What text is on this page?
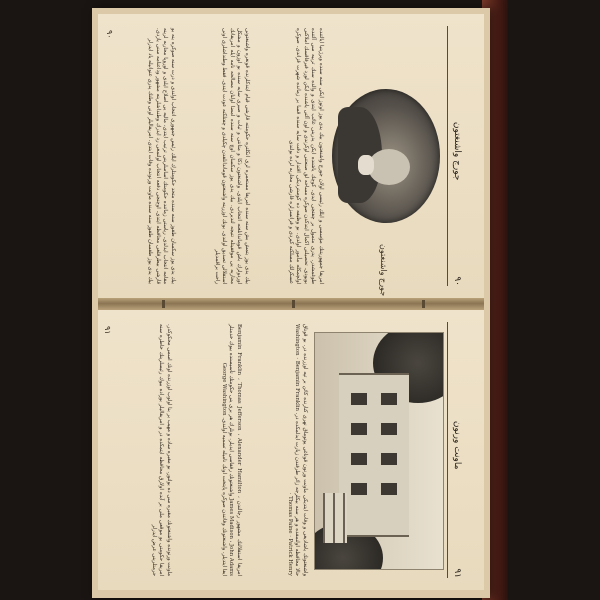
۹۰
جورج واشنغتون
جورج واشنغتون
امریقا جمهوریتنك مؤسسی و ایلك رئیسی اولان جورج واشنغتون بیك یدی یوز اوتوز ایكی سنه سنده ویرژینیا ایالتنده طوغمشدر. پدری متمول بر چفتجی ایدی. كوچك یاشنده ایكن پدرینی غائب ایتدی و والده سنك تربیه سی آلتنده بویودی. تحصیلنی اكمال ایتدكدن صوكره مساحه لق صنعتنی اوكرندی و اون آلتی یاشنده ایكن لورد فیرفاقسك املاكنی اولچمكله مأمور اولدی. بو وظیفه ده كوستردیكی اقتدار و دقت سایه سنده قسا بر زمانده شهرت قزاندی. صوكره عسكرلك مسلكنه كیردی و فرانسزلره قارشی محاربه لرده بولندی
بیك یدی یوز یتمش بش سنه سنده امریقا مستعمره لری انكلتره حكومتنه قارشی قیام ایتدكلرنده قونغره واشنغتونی اوردولرك باش قوماندانلغنه انتخاب ایلدی. واشنغتون ذكا و متانتی و ثبات و صبری سایه سنده بو اوزون و مشكل محاربه یی موفقیتله نتیجه لندیردی. بیك یدی یوز سكسان اوچ سنه سنده امضا اولنان مصالحه نامه ایله امریقانك استقلالی تصدیق اولندی. بونك اوزرینه واشنغتون قوماندانلقدن چكیلدی و چفتلكنه عودت ایتدی. فقط وطنداشلری اونی راحت براقمدیلر
بیك یدی یوز سكسان طقوز سنه سنده متحد حكومتلرك ایلك رئیس جمهوری انتخاب اولندی و درت سنه صوكره ینه بو مقامه انتخاب ایدلدی. ریاستی زماننده حكومتك اساسلرینی ترتیب ایتدی، مالیه یی اصلاح ایلدی و اوروپا محاربه لرینه قارشی بیطرفلغی محافظه ایتدی. اوچنجی دفعه انتخاب اولنمغی رد ایدرك وطنداشلرینه مشهور وداعنامه سنی یازدی. بیك یدی یوز طقسان طقوز سنه سنده ماونت ورنونده وفات ایتدی. امریقالیلر اونی وطنك پدری عنوانیله یاد ایدرلر
۹۰
۹۱
ماونت ورنون
واشنغتونك یاشادیغی و وفات ایتدیكی ماونت ورنون قوناغی پوتوماق نهری كنارنده كائن بر تپه اوزرنده در. بو قوناق حالا محافظه اولنمقده و هر سنه بیكلرجه زائر طرفندن زیارت ایدلمكده در. Washington · Benjamin Franklin · Thomas Paine · Patrick Henry
امریقا استقلالنك مشهور رجالندن Benjamin Franklin ، Thomas Jefferson ، Alexander Hamilton ، James Madison ، John Adams واشنغتونك رفقاسی ایدیلر. بونلرك هر بری ینی حكومتك تأسیسنده بیوك خدمتلر ایفا ایتدیلر. واشنغتونك وفاتندن صوكره پایتخت اونك نامیله تسمیه اولندی. George Washington
ماونت ورنونده واشنغتونك مقبره سی ده بولنور. بو مقبره ساده و مهیب بر بنا اولوب اوزرنده اونك اسمی محكوكدر. امریقا حكومتی بو موقعی ملی بر آبده اولارق محافظه ایتمكده در و امریقالیلر بوراده بیوك رئیسلرینك خاطره سنه حرمتلرینی عرض ایدرلر
۹۱
